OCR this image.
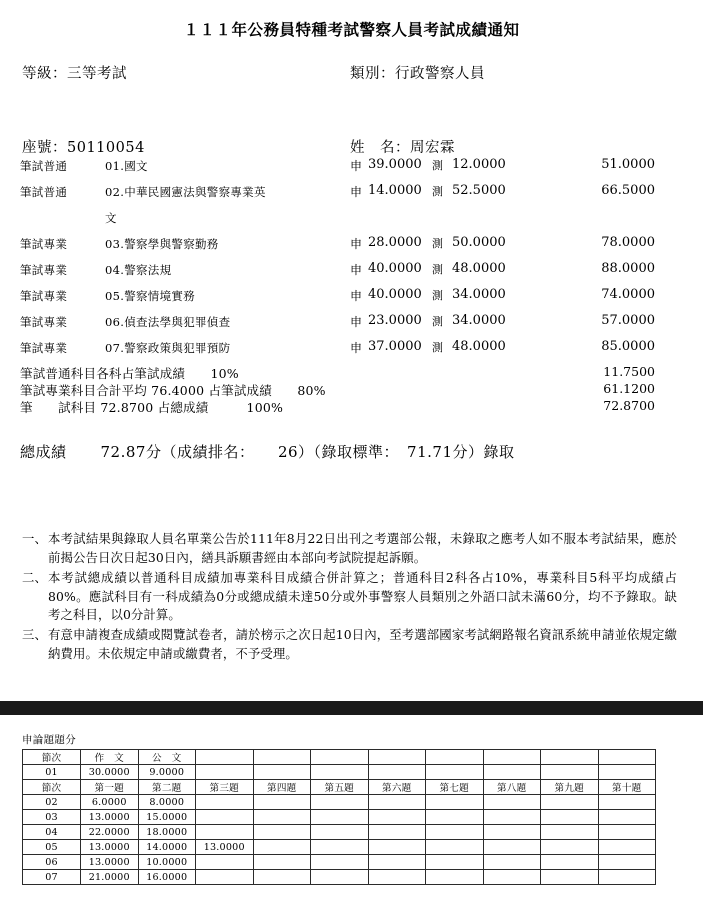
１１１年公務員特種考試警察人員考試成績通知
等級：三等考試	類別：行政警察人員
座號：50110054	姓　名：周宏霖
筆試普通	01.國文	申 39.0000 測 12.0000	51.0000
筆試普通	02.中華民國憲法與警察專業英	申 14.0000 測 52.5000	66.5000
文
筆試專業	03.警察學與警察勤務	申 28.0000 測 50.0000	78.0000
筆試專業	04.警察法規	申 40.0000 測 48.0000	88.0000
筆試專業	05.警察情境實務	申 40.0000 測 34.0000	74.0000
筆試專業	06.偵查法學與犯罪偵查	申 23.0000 測 34.0000	57.0000
筆試專業	07.警察政策與犯罪預防	申 37.0000 測 48.0000	85.0000
筆試普通科目各科占筆試成績　　10%	11.7500
筆試專業科目合計平均 76.4000 占筆試成績　　80%	61.1200
筆　　試科目 72.8700 占總成績　　　100%	72.8700
總成績 72.87分（成績排名：　　26）（錄取標準：　71.71分）錄取
一、 本考試結果與錄取人員名單業公告於111年8月22日出刊之考選部公報，未錄取之應考人如不服本考試結果，應於前揭公告日次日起30日內，繕具訴願書經由本部向考試院提起訴願。
二、 本考試總成績以普通科目成績加專業科目成績合併計算之；普通科目2科各占10%，專業科目5科平均成績占80%。應試科目有一科成績為0分或總成績未達50分或外事警察人員類別之外語口試未滿60分，均不予錄取。缺考之科目，以0分計算。
三、 有意申請複查成績或閱覽試卷者，請於榜示之次日起10日內，至考選部國家考試網路報名資訊系統申請並依規定繳納費用。未依規定申請或繳費者，不予受理。
申論題題分
節次	作　文	公　文								
01	30.0000	9.0000								
節次	第一題	第二題	第三題	第四題	第五題	第六題	第七題	第八題	第九題	第十題
02	6.0000	8.0000								
03	13.0000	15.0000								
04	22.0000	18.0000								
05	13.0000	14.0000	13.0000							
06	13.0000	10.0000								
07	21.0000	16.0000								
